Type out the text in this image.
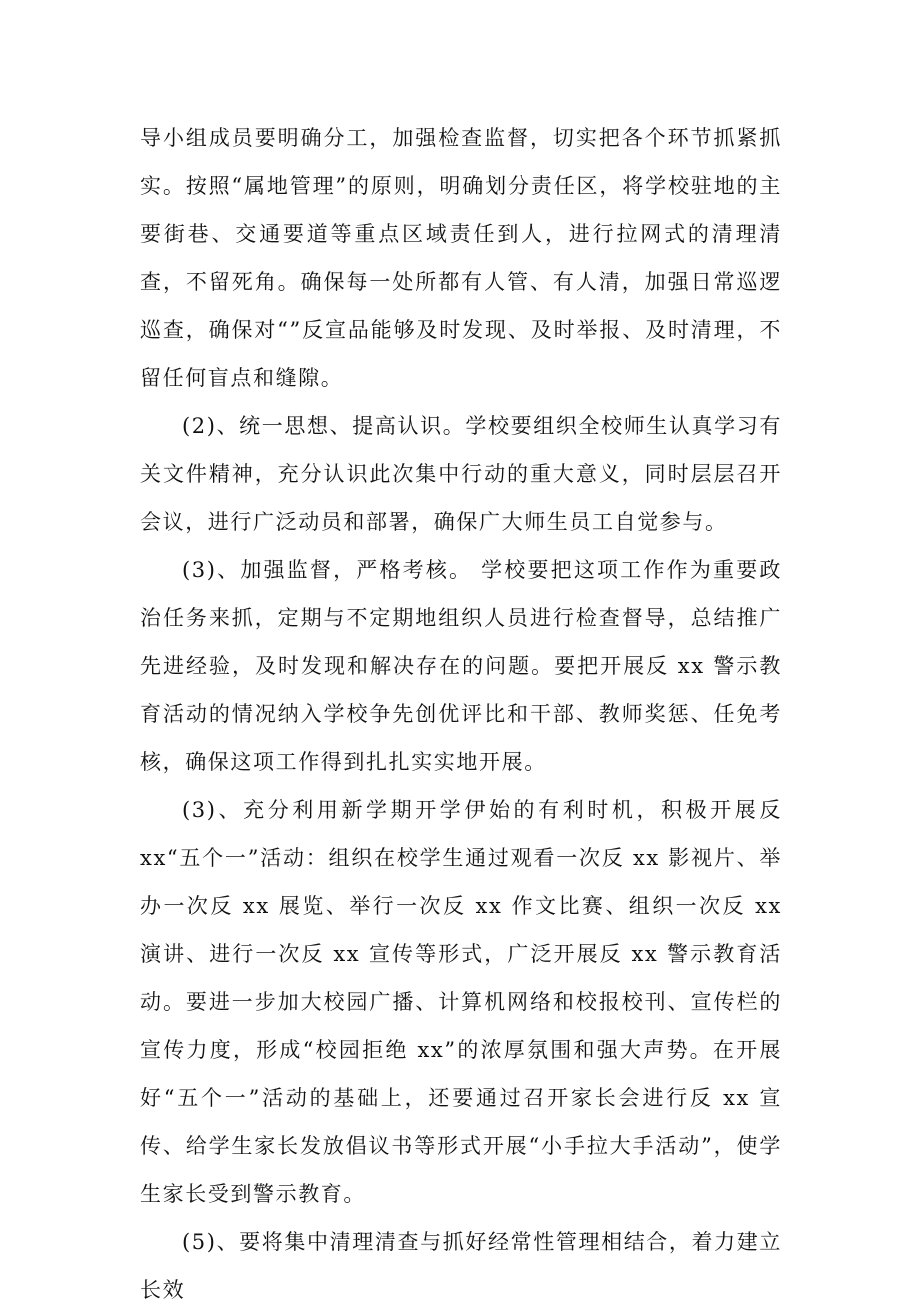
导小组成员要明确分工，加强检查监督，切实把各个环节抓紧抓实。按照“属地管理”的原则，明确划分责任区，将学校驻地的主要街巷、交通要道等重点区域责任到人，进行拉网式的清理清查，不留死角。确保每一处所都有人管、有人清，加强日常巡逻巡查，确保对“”反宣品能够及时发现、及时举报、及时清理，不留任何盲点和缝隙。

(2)、统一思想、提高认识。学校要组织全校师生认真学习有关文件精神，充分认识此次集中行动的重大意义，同时层层召开会议，进行广泛动员和部署，确保广大师生员工自觉参与。

(3)、加强监督，严格考核。 学校要把这项工作作为重要政治任务来抓，定期与不定期地组织人员进行检查督导，总结推广先进经验，及时发现和解决存在的问题。要把开展反 xx 警示教育活动的情况纳入学校争先创优评比和干部、教师奖惩、任免考核，确保这项工作得到扎扎实实地开展。

(3)、充分利用新学期开学伊始的有利时机，积极开展反 xx“五个一”活动：组织在校学生通过观看一次反 xx 影视片、举办一次反 xx 展览、举行一次反 xx 作文比赛、组织一次反 xx 演讲、进行一次反 xx 宣传等形式，广泛开展反 xx 警示教育活动。要进一步加大校园广播、计算机网络和校报校刊、宣传栏的 宣传力度，形成“校园拒绝 xx”的浓厚氛围和强大声势。在开展好“五个一”活动的基础上，还要通过召开家长会进行反 xx 宣传、给学生家长发放倡议书等形式开展“小手拉大手活动”，使学生家长受到警示教育。

(5)、要将集中清理清查与抓好经常性管理相结合，着力建立长效
